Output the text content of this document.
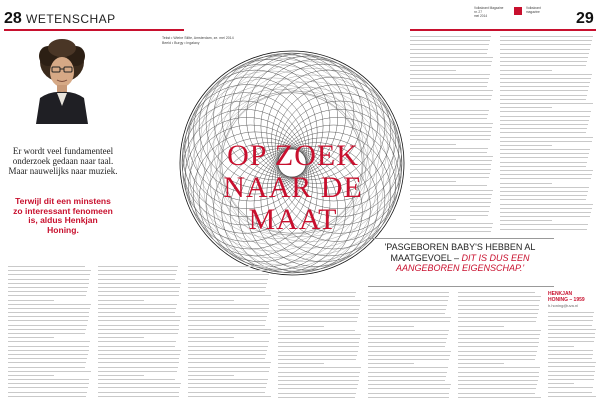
28 WETENSCHAP
Volkskrant Magazine
nr. 27
mei 2014
Volkskrant
magazine	29
Er wordt veel fundamenteel onderzoek gedaan naar taal. Maar nauwelijks naar muziek.
Terwijl dit een minstens zo interessant fenomeen is, aldus Henkjan Honing.
Tekst • Wiebe Stilte, Amsterdam, ze. mei 2014
Beeld • Burgy • Ingalaxy
OP ZOEK
NAAR DE MAAT
'PASGEBOREN BABY'S HEBBEN AL MAATGEVOEL – DIT IS DUS EEN AANGEBOREN EIGENSCHAP.'
HENKJAN
HONING – 1959
h.honing@uva.nl
